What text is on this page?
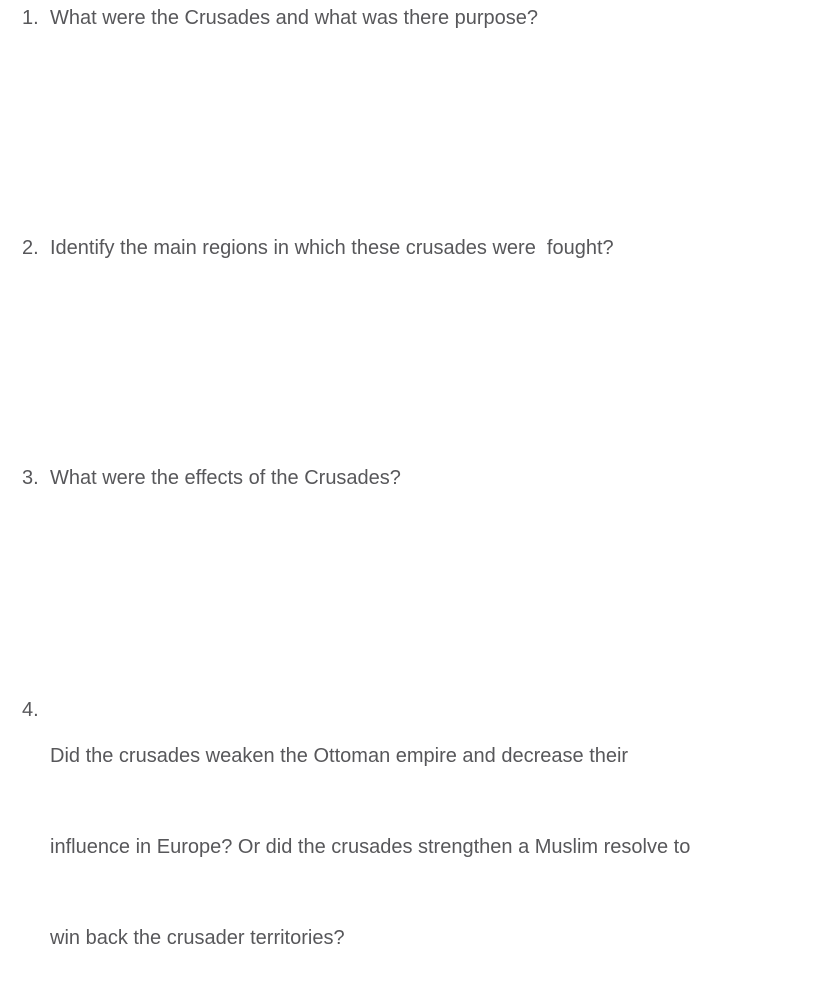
1. What were the Crusades and what was there purpose?
2. Identify the main regions in which these crusades were  fought?
3. What were the effects of the Crusades?
4.

Did the crusades weaken the Ottoman empire and decrease their

influence in Europe? Or did the crusades strengthen a Muslim resolve to

win back the crusader territories?
